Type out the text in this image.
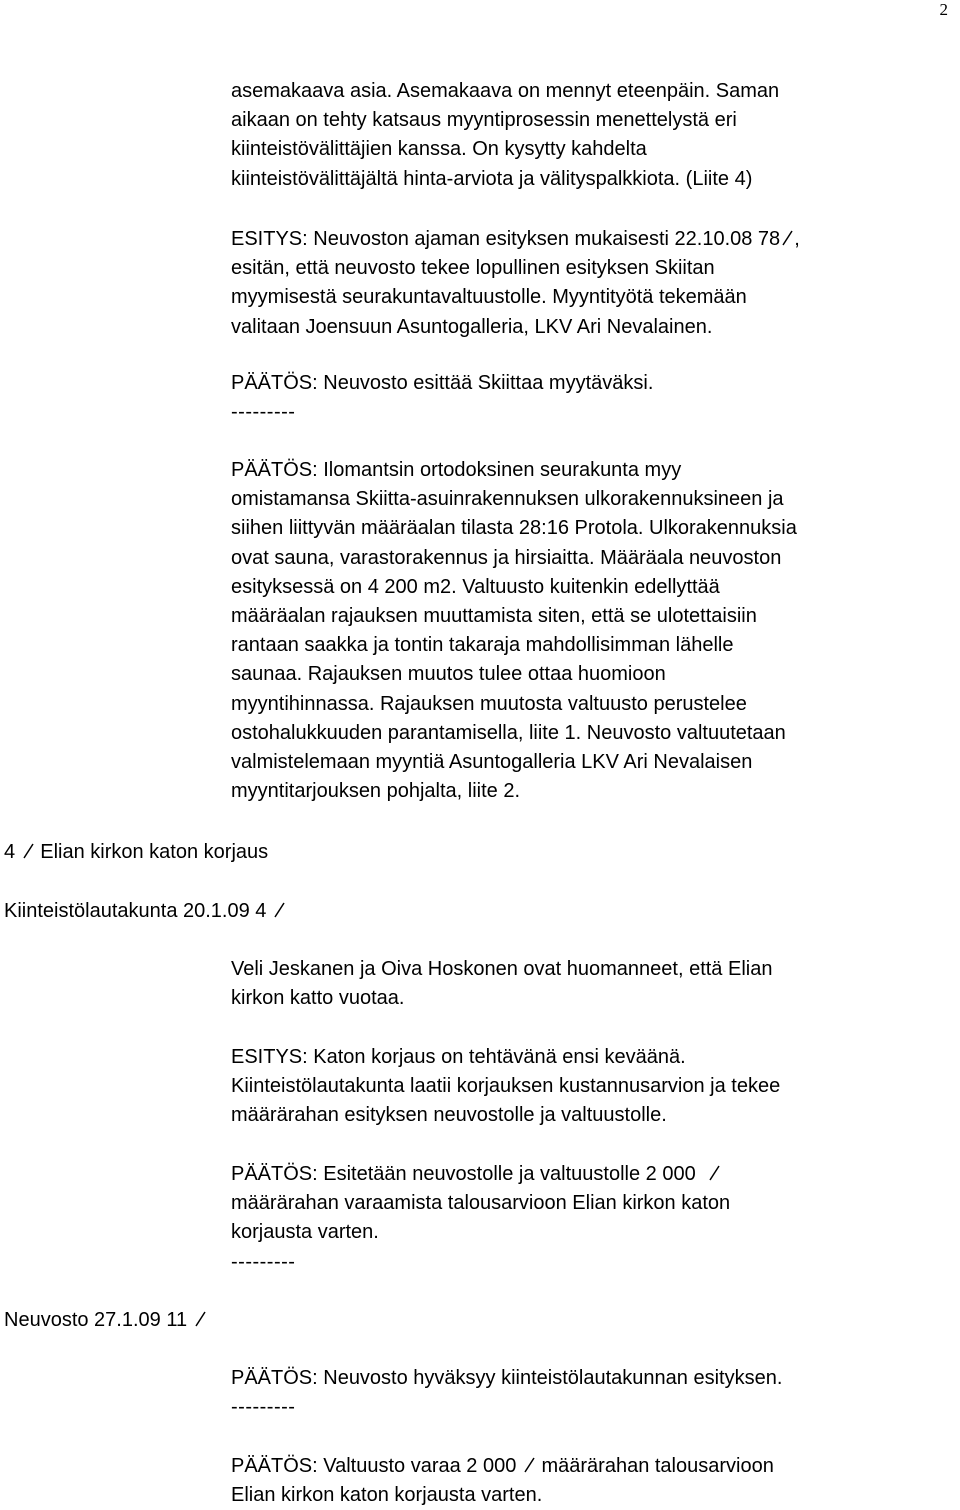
2
asemakaava asia. Asemakaava on mennyt eteenpäin. Saman
aikaan on tehty katsaus myyntiprosessin menettelystä eri
kiinteistövälittäjien kanssa. On kysytty kahdelta
kiinteistövälittäjältä hinta-arviota ja välityspalkkiota. (Liite 4)
ESITYS: Neuvoston ajaman esityksen mukaisesti 22.10.08 78 ,
esitän, että neuvosto tekee lopullinen esityksen Skiitan
myymisestä seurakuntavaltuustolle. Myyntityötä tekemään
valitaan Joensuun Asuntogalleria, LKV Ari Nevalainen.
PÄÄTÖS: Neuvosto esittää Skiittaa myytäväksi.
---------
PÄÄTÖS: Ilomantsin ortodoksinen seurakunta myy
omistamansa Skiitta-asuinrakennuksen ulkorakennuksineen ja
siihen liittyvän määräalan tilasta 28:16 Protola. Ulkorakennuksia
ovat sauna, varastorakennus ja hirsiaitta. Määräala neuvoston
esityksessä on 4 200 m2. Valtuusto kuitenkin edellyttää
määräalan rajauksen muuttamista siten, että se ulotettaisiin
rantaan saakka ja tontin takaraja mahdollisimman lähelle
saunaa. Rajauksen muutos tulee ottaa huomioon
myyntihinnassa. Rajauksen muutosta valtuusto perustelee
ostohalukkuuden parantamisella, liite 1. Neuvosto valtuutetaan
valmistelemaan myyntiä Asuntogalleria LKV Ari Nevalaisen
myyntitarjouksen pohjalta, liite 2.
4 Elian kirkon katon korjaus
Kiinteistölautakunta 20.1.09 4
Veli Jeskanen ja Oiva Hoskonen ovat huomanneet, että Elian
kirkon katto vuotaa.
ESITYS: Katon korjaus on tehtävänä ensi keväänä.
Kiinteistölautakunta laatii korjauksen kustannusarvion ja tekee
määrärahan esityksen neuvostolle ja valtuustolle.
PÄÄTÖS: Esitetään neuvostolle ja valtuustolle 2 000
määrärahan varaamista talousarvioon Elian kirkon katon
korjausta varten.
---------
Neuvosto 27.1.09 11
PÄÄTÖS: Neuvosto hyväksyy kiinteistölautakunnan esityksen.
---------
PÄÄTÖS: Valtuusto varaa 2 000 määrärahan talousarvioon
Elian kirkon katon korjausta varten.
